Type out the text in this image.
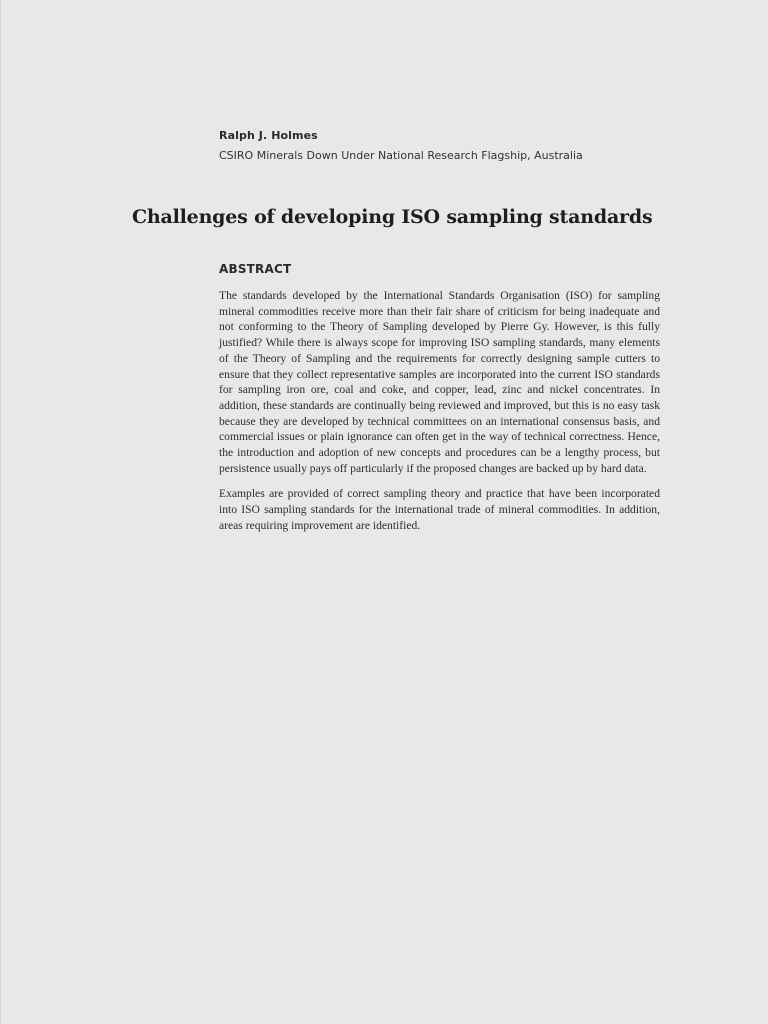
Ralph J. Holmes

CSIRO Minerals Down Under National Research Flagship, Australia

Challenges of developing ISO sampling standards
ABSTRACT

The standards developed by the International Standards Organisation (ISO) for sampling mineral commodities receive more than their fair share of criticism for being inadequate and not conforming to the Theory of Sampling developed by Pierre Gy. However, is this fully justified? While there is always scope for improving ISO sampling standards, many elements of the Theory of Sampling and the requirements for correctly designing sample cutters to ensure that they collect representative samples are incorporated into the current ISO standards for sampling iron ore, coal and coke, and copper, lead, zinc and nickel concentrates. In addition, these standards are continually being reviewed and improved, but this is no easy task because they are developed by technical committees on an international consensus basis, and commercial issues or plain ignorance can often get in the way of technical correctness. Hence, the introduction and adoption of new concepts and procedures can be a lengthy process, but persistence usually pays off particularly if the proposed changes are backed up by hard data.

Examples are provided of correct sampling theory and practice that have been incorporated into ISO sampling standards for the international trade of mineral commodities. In addition, areas requiring improvement are identified.
